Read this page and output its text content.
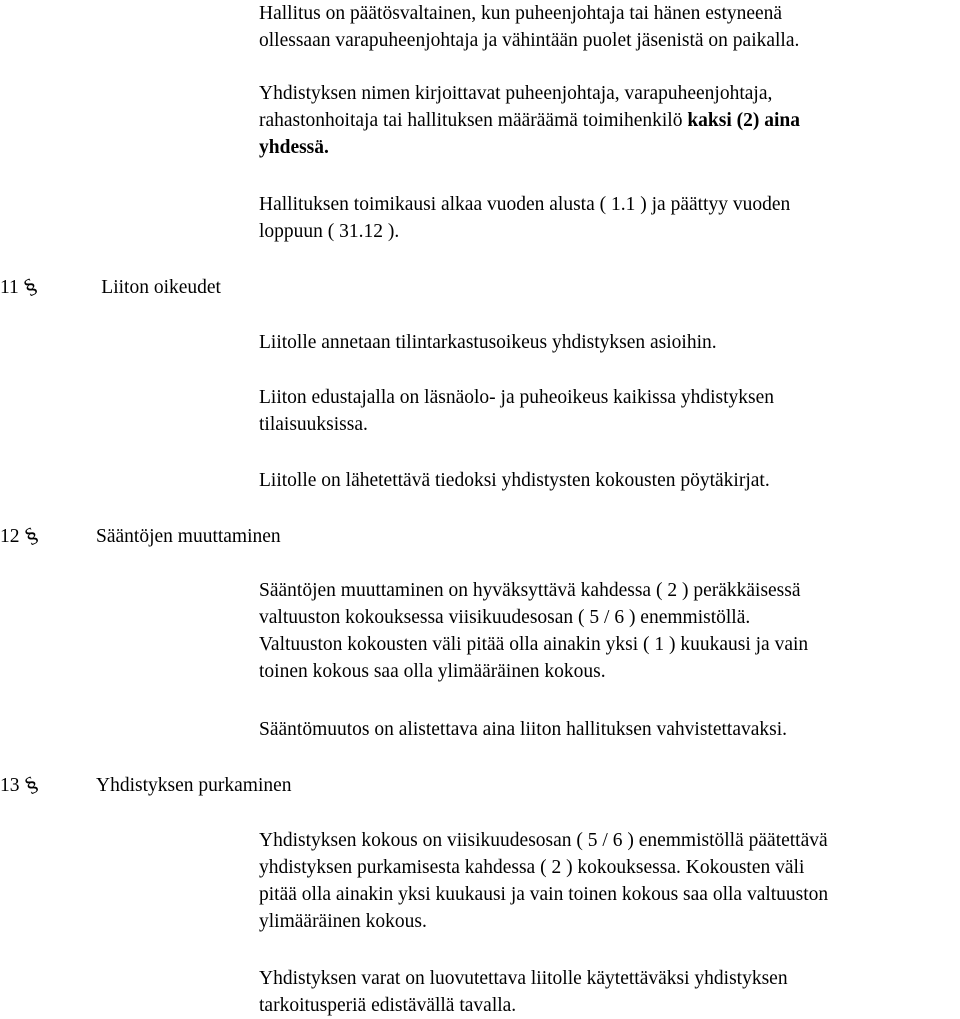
Hallitus on päätösvaltainen, kun puheenjohtaja tai hänen estyneenä
ollessaan varapuheenjohtaja ja vähintään puolet jäsenistä on paikalla.

Yhdistyksen nimen kirjoittavat puheenjohtaja, varapuheenjohtaja,
rahastonhoitaja tai hallituksen määräämä toimihenkilö kaksi (2) aina
yhdessä.

Hallituksen toimikausi alkaa vuoden alusta ( 1.1 ) ja päättyy vuoden
loppuun ( 31.12 ).

11§	Liiton oikeudet

Liitolle annetaan tilintarkastusoikeus yhdistyksen asioihin.

Liiton edustajalla on läsnäolo- ja puheoikeus kaikissa yhdistyksen
tilaisuuksissa.

Liitolle on lähetettävä tiedoksi yhdistysten kokousten pöytäkirjat.

12§	Sääntöjen muuttaminen

Sääntöjen muuttaminen on hyväksyttävä kahdessa ( 2 ) peräkkäisessä
valtuuston kokouksessa viisikuudesosan ( 5 / 6 ) enemmistöllä.
Valtuuston kokousten väli pitää olla ainakin yksi ( 1 ) kuukausi ja vain
toinen kokous saa olla ylimääräinen kokous.

Sääntömuutos on alistettava aina liiton hallituksen vahvistettavaksi.

13§	Yhdistyksen purkaminen

Yhdistyksen kokous on viisikuudesosan ( 5 / 6 ) enemmistöllä päätettävä
yhdistyksen purkamisesta kahdessa ( 2 ) kokouksessa. Kokousten väli
pitää olla ainakin yksi kuukausi ja vain toinen kokous saa olla valtuuston
ylimääräinen kokous.

Yhdistyksen varat on luovutettava liitolle käytettäväksi yhdistyksen
tarkoitusperiä edistävällä tavalla.
